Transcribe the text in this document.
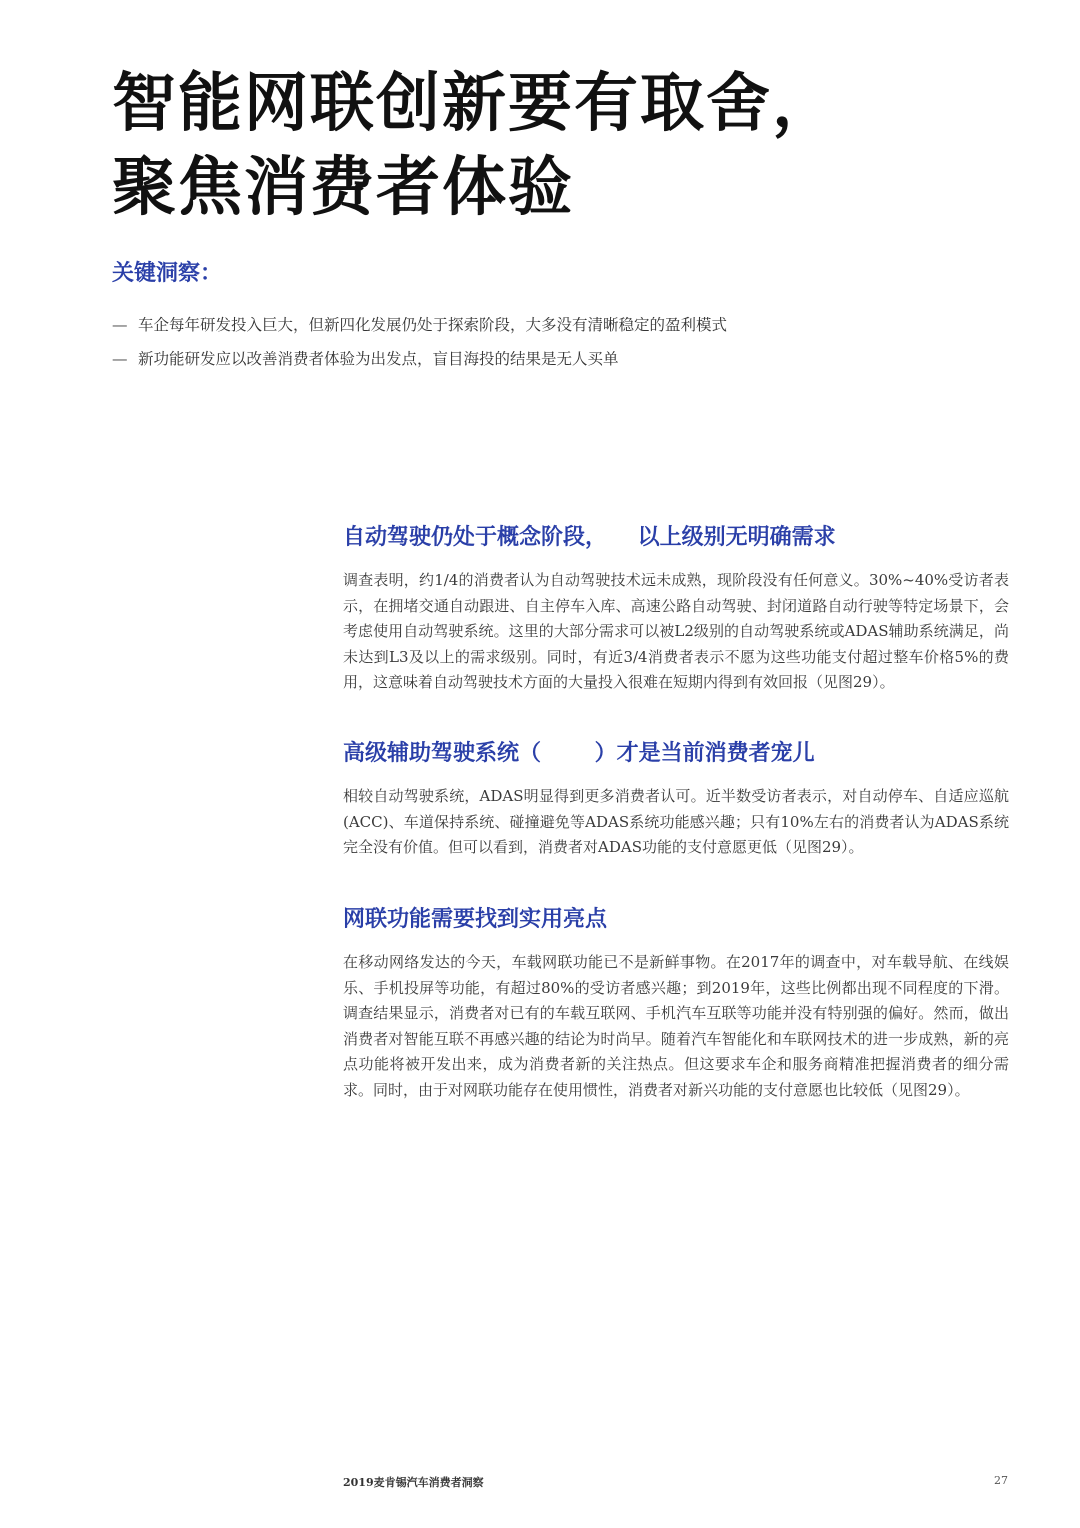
智能网联创新要有取舍，
聚焦消费者体验
关键洞察：
— 车企每年研发投入巨大，但新四化发展仍处于探索阶段，大多没有清晰稳定的盈利模式
— 新功能研发应以改善消费者体验为出发点，盲目海投的结果是无人买单
自动驾驶仍处于概念阶段，    以上级别无明确需求

调查表明，约1/4的消费者认为自动驾驶技术远未成熟，现阶段没有任何意义。30%~40%受访者表示，在拥堵交通自动跟进、自主停车入库、高速公路自动驾驶、封闭道路自动行驶等特定场景下，会考虑使用自动驾驶系统。这里的大部分需求可以被L2级别的自动驾驶系统或ADAS辅助系统满足，尚未达到L3及以上的需求级别。同时，有近3/4消费者表示不愿为这些功能支付超过整车价格5%的费用，这意味着自动驾驶技术方面的大量投入很难在短期内得到有效回报（见图29）。

高级辅助驾驶系统（       ）才是当前消费者宠儿

相较自动驾驶系统，ADAS明显得到更多消费者认可。近半数受访者表示，对自动停车、自适应巡航(ACC)、车道保持系统、碰撞避免等ADAS系统功能感兴趣；只有10%左右的消费者认为ADAS系统完全没有价值。但可以看到，消费者对ADAS功能的支付意愿更低（见图29）。

网联功能需要找到实用亮点

在移动网络发达的今天，车载网联功能已不是新鲜事物。在2017年的调查中，对车载导航、在线娱乐、手机投屏等功能，有超过80%的受访者感兴趣；到2019年，这些比例都出现不同程度的下滑。调查结果显示，消费者对已有的车载互联网、手机汽车互联等功能并没有特别强的偏好。然而，做出消费者对智能互联不再感兴趣的结论为时尚早。随着汽车智能化和车联网技术的进一步成熟，新的亮点功能将被开发出来，成为消费者新的关注热点。但这要求车企和服务商精准把握消费者的细分需求。同时，由于对网联功能存在使用惯性，消费者对新兴功能的支付意愿也比较低（见图29）。

2019麦肯锡汽车消费者洞察	27
